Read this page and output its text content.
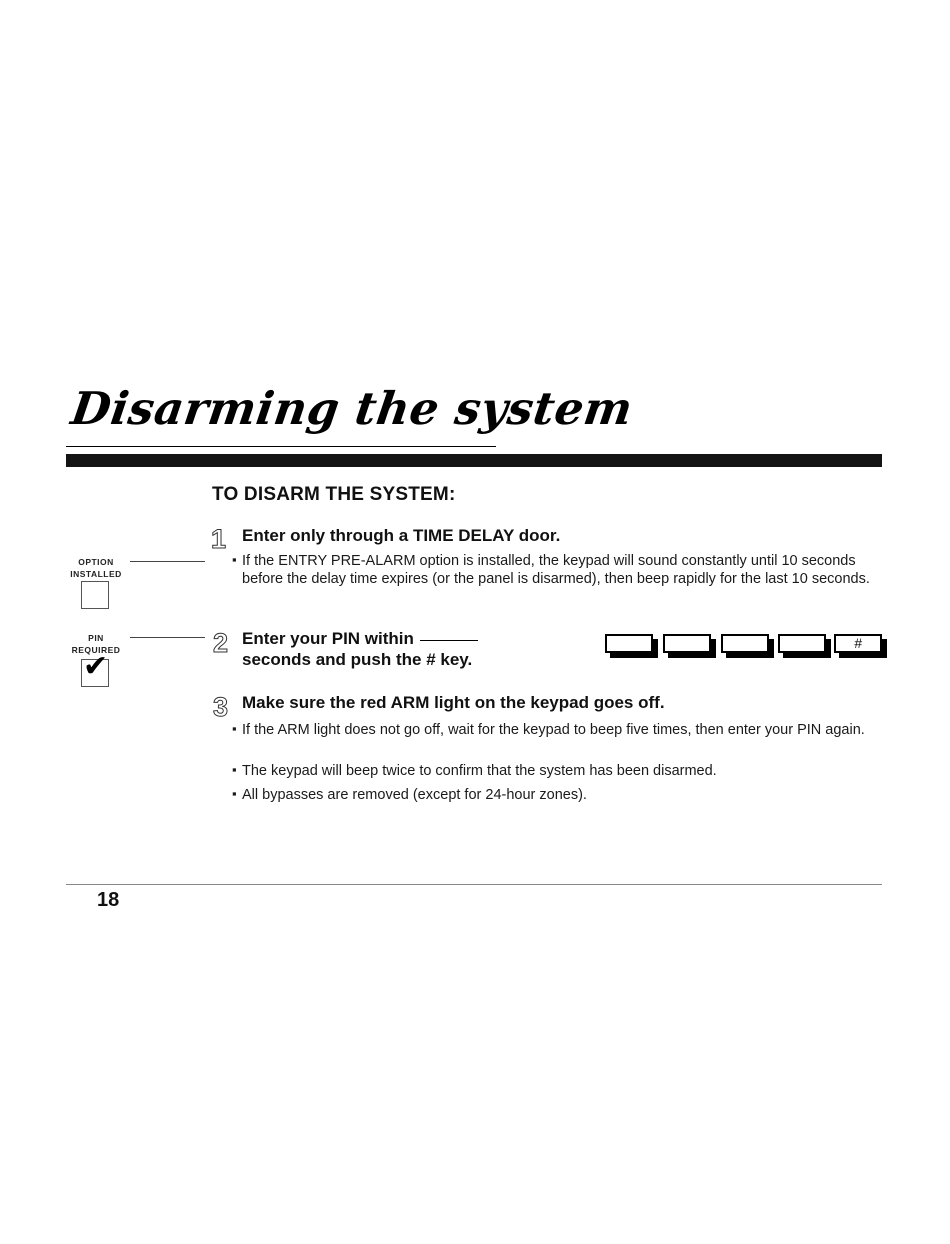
Disarming the system
TO DISARM THE SYSTEM:
OPTION
INSTALLED
PIN
REQUIRED
✔
1 Enter only through a TIME DELAY door.
▪ If the ENTRY PRE-ALARM option is installed, the keypad will sound constantly until 10 seconds before the delay time expires (or the panel is disarmed), then beep rapidly for the last 10 seconds.
2 Enter your PIN within
seconds and push the # key.
#
3 Make sure the red ARM light on the keypad goes off.
▪ If the ARM light does not go off, wait for the keypad to beep five times, then enter your PIN again.
▪ The keypad will beep twice to confirm that the system has been disarmed.
▪ All bypasses are removed (except for 24-hour zones).
18
